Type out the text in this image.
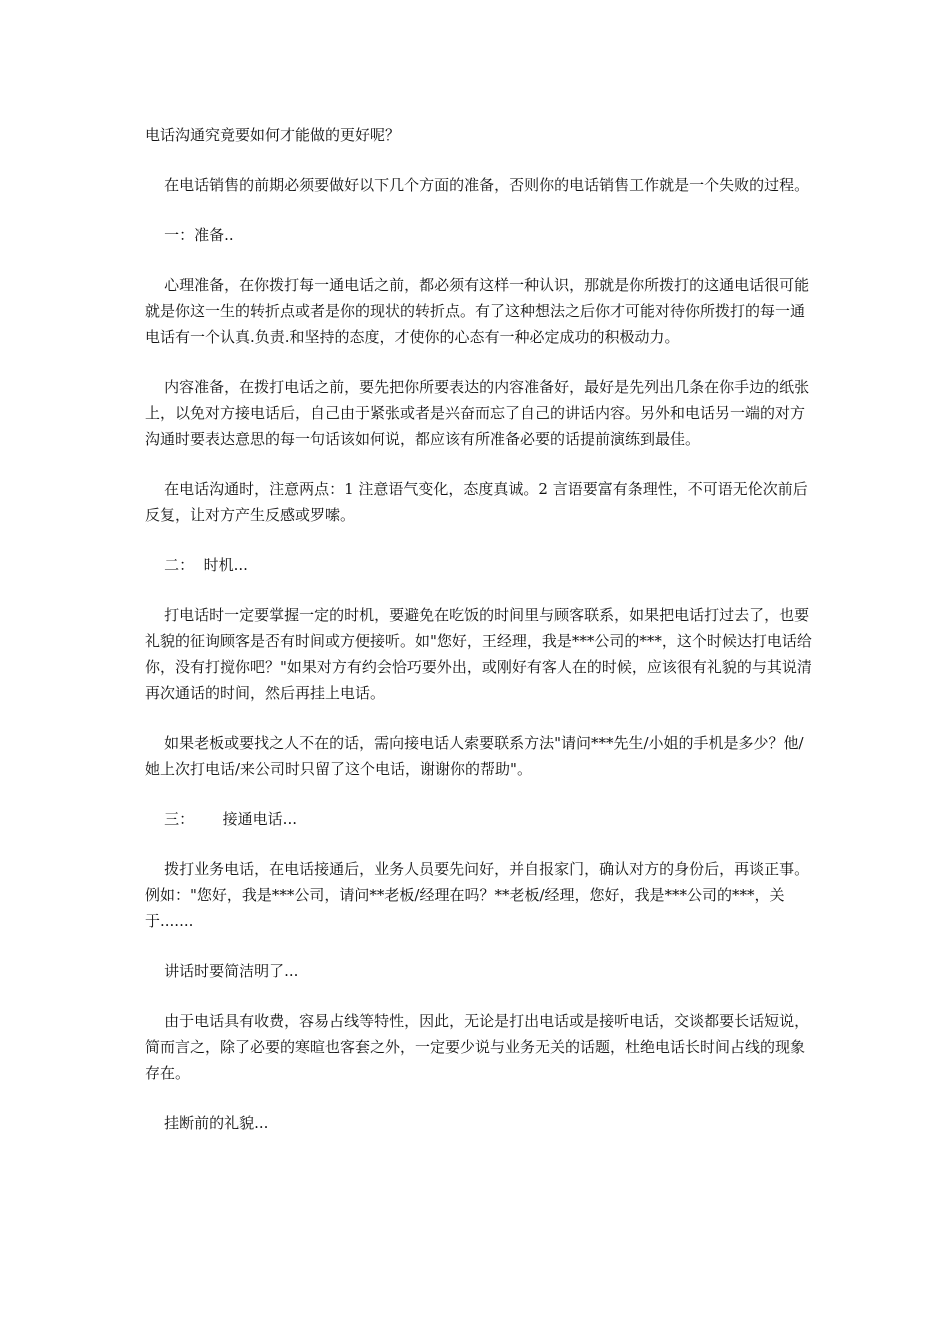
电话沟通究竟要如何才能做的更好呢？

在电话销售的前期必须要做好以下几个方面的准备，否则你的电话销售工作就是一个失败的过程。

一：准备..

心理准备，在你拨打每一通电话之前，都必须有这样一种认识，那就是你所拨打的这通电话很可能就是你这一生的转折点或者是你的现状的转折点。有了这种想法之后你才可能对待你所拨打的每一通电话有一个认真.负责.和坚持的态度，才使你的心态有一种必定成功的积极动力。

内容准备，在拨打电话之前，要先把你所要表达的内容准备好，最好是先列出几条在你手边的纸张上，以免对方接电话后，自己由于紧张或者是兴奋而忘了自己的讲话内容。另外和电话另一端的对方沟通时要表达意思的每一句话该如何说，都应该有所准备必要的话提前演练到最佳。

在电话沟通时，注意两点：1 注意语气变化，态度真诚。2 言语要富有条理性，不可语无伦次前后反复，让对方产生反感或罗嗦。

二：  时机...

打电话时一定要掌握一定的时机，要避免在吃饭的时间里与顾客联系，如果把电话打过去了，也要礼貌的征询顾客是否有时间或方便接听。如"您好，王经理，我是***公司的***，这个时候达打电话给你，没有打搅你吧？"如果对方有约会恰巧要外出，或刚好有客人在的时候，应该很有礼貌的与其说清再次通话的时间，然后再挂上电话。

如果老板或要找之人不在的话，需向接电话人索要联系方法"请问***先生/小姐的手机是多少？他/她上次打电话/来公司时只留了这个电话，谢谢你的帮助"。

三：      接通电话...

拨打业务电话，在电话接通后，业务人员要先问好，并自报家门，确认对方的身份后，再谈正事。例如："您好，我是***公司，请问**老板/经理在吗？**老板/经理，您好，我是***公司的***，关于.......

讲话时要简洁明了...

由于电话具有收费，容易占线等特性，因此，无论是打出电话或是接听电话，交谈都要长话短说，简而言之，除了必要的寒暄也客套之外，一定要少说与业务无关的话题，杜绝电话长时间占线的现象存在。

挂断前的礼貌...
